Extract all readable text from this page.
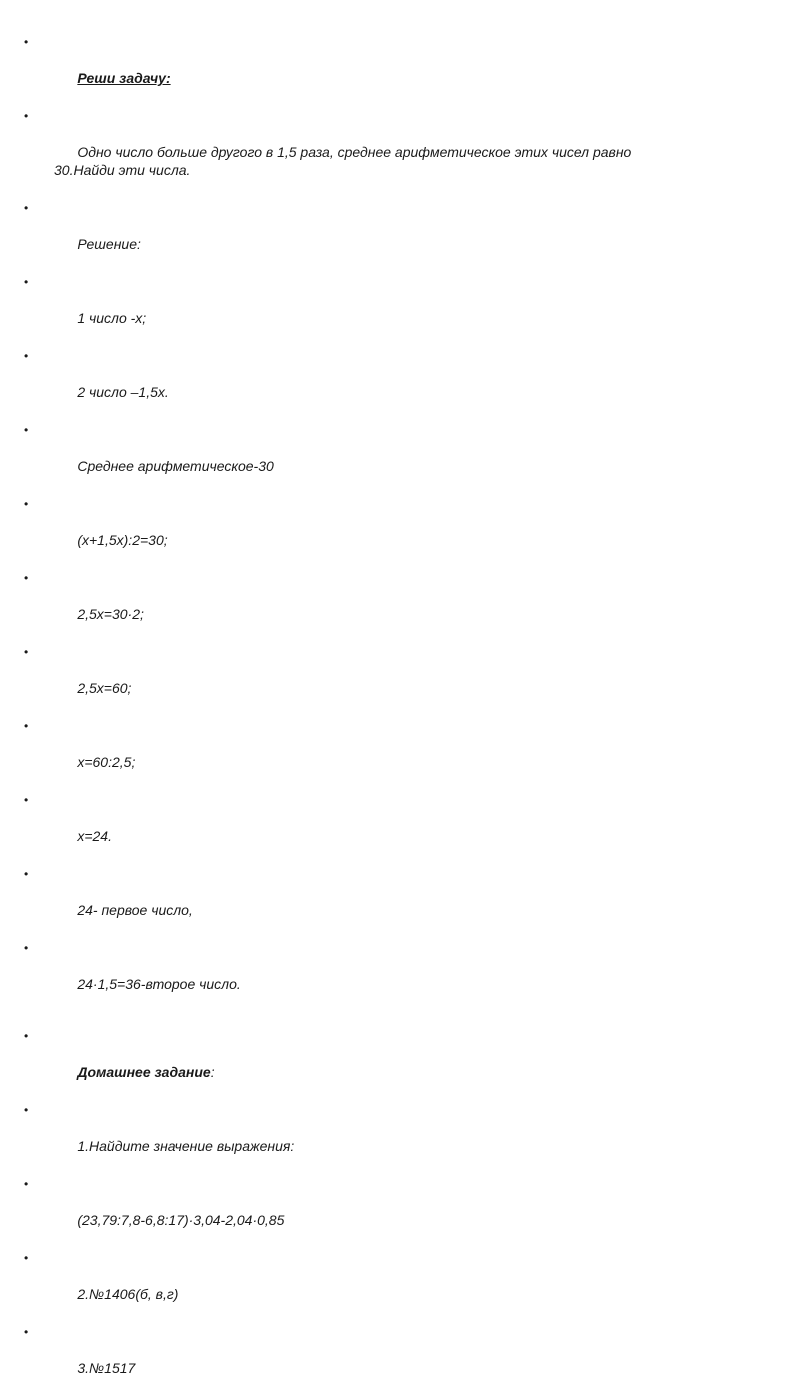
•

Реши задачу:

•

Одно число больше другого в 1,5 раза, среднее арифметическое этих чисел равно 30.Найди эти числа.

•

Решение:

•

1 число -x;

•

2 число –1,5x.

•

Среднее арифметическое-30

•

(x+1,5x):2=30;

•

2,5x=30·2;

•

2,5x=60;

•

x=60:2,5;

•

x=24.

•

24- первое число,

•

24·1,5=36-второе число.

•

Домашнее задание:

•

1.Найдите значение выражения:

•

(23,79:7,8-6,8:17)·3,04-2,04·0,85

•

2.№1406(б, в,г)

•

3.№1517
